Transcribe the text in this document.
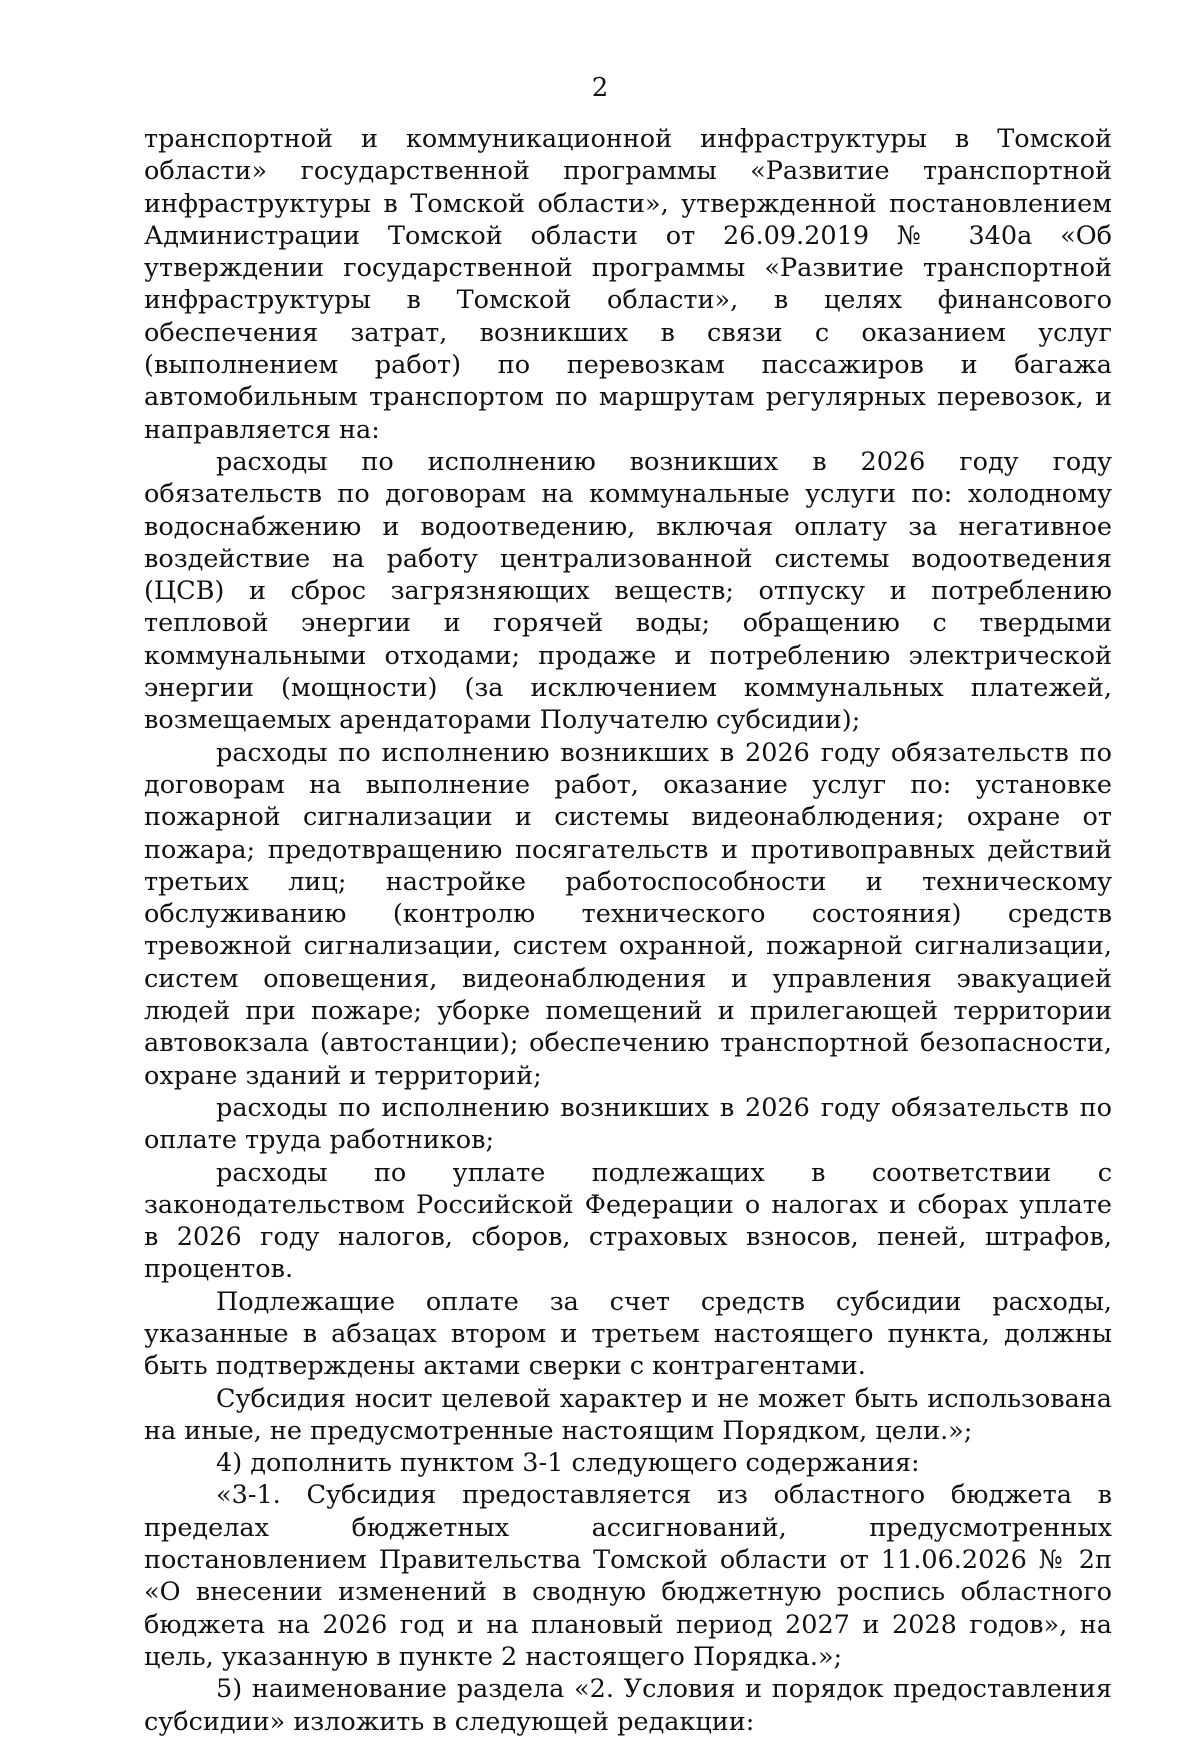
2

транспортной и коммуникационной инфраструктуры в Томской области» государственной программы «Развитие транспортной инфраструктуры в Томской области», утвержденной постановлением Администрации Томской области от 26.09.2019 № 340а «Об утверждении государственной программы «Развитие транспортной инфраструктуры в Томской области», в целях финансового обеспечения затрат, возникших в связи с оказанием услуг (выполнением работ) по перевозкам пассажиров и багажа автомобильным транспортом по маршрутам регулярных перевозок, и направляется на:

расходы по исполнению возникших в 2026 году году обязательств по договорам на коммунальные услуги по: холодному водоснабжению и водоотведению, включая оплату за негативное воздействие на работу централизованной системы водоотведения (ЦСВ) и сброс загрязняющих веществ; отпуску и потреблению тепловой энергии и горячей воды; обращению с твердыми коммунальными отходами; продаже и потреблению электрической энергии (мощности) (за исключением коммунальных платежей, возмещаемых арендаторами Получателю субсидии);

расходы по исполнению возникших в 2026 году обязательств по договорам на выполнение работ, оказание услуг по: установке пожарной сигнализации и системы видеонаблюдения; охране от пожара; предотвращению посягательств и противоправных действий третьих лиц; настройке работоспособности и техническому обслуживанию (контролю технического состояния) средств тревожной сигнализации, систем охранной, пожарной сигнализации, систем оповещения, видеонаблюдения и управления эвакуацией людей при пожаре; уборке помещений и прилегающей территории автовокзала (автостанции); обеспечению транспортной безопасности, охране зданий и территорий;

расходы по исполнению возникших в 2026 году обязательств по оплате труда работников;

расходы по уплате подлежащих в соответствии с законодательством Российской Федерации о налогах и сборах уплате в 2026 году налогов, сборов, страховых взносов, пеней, штрафов, процентов.

Подлежащие оплате за счет средств субсидии расходы, указанные в абзацах втором и третьем настоящего пункта, должны быть подтверждены актами сверки с контрагентами.

Субсидия носит целевой характер и не может быть использована на иные, не предусмотренные настоящим Порядком, цели.»;

4) дополнить пунктом 3-1 следующего содержания:

«3-1. Субсидия предоставляется из областного бюджета в пределах бюджетных ассигнований, предусмотренных постановлением Правительства Томской области от 11.06.2026 № 2п «О внесении изменений в сводную бюджетную роспись областного бюджета на 2026 год и на плановый период 2027 и 2028 годов», на цель, указанную в пункте 2 настоящего Порядка.»;

5) наименование раздела «2. Условия и порядок предоставления субсидии» изложить в следующей редакции:
